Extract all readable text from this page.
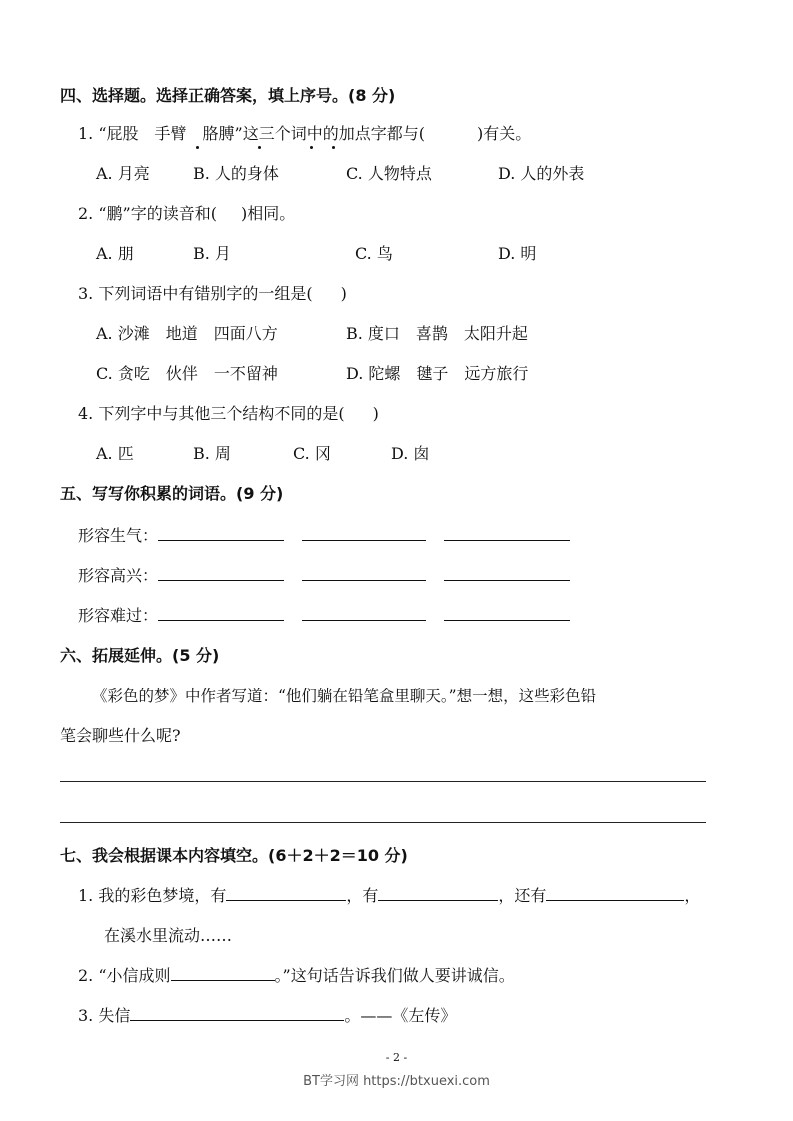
四、选择题。选择正确答案，填上序号。(8 分)
1. “屁股　手臂　胳膊”这三个词中的加点字都与(	)有关。
A. 月亮	B. 人的身体	C. 人物特点	D. 人的外表
2. “鹏”字的读音和( )相同。
A. 朋	B. 月	C. 鸟	D. 明
3. 下列词语中有错别字的一组是( )
A. 沙滩　地道　四面八方	B. 度口　喜鹊　太阳升起
C. 贪吃　伙伴　一不留神	D. 陀螺　毽子　远方旅行
4. 下列字中与其他三个结构不同的是( )
A. 匹	B. 周	C. 冈	D. 囱
五、写写你积累的词语。(9 分)
形容生气：
形容高兴：
形容难过：
六、拓展延伸。(5 分)
《彩色的梦》中作者写道：“他们躺在铅笔盒里聊天。”想一想，这些彩色铅
笔会聊些什么呢?
七、我会根据课本内容填空。(6＋2＋2＝10 分)
1. 我的彩色梦境，有	，有	，还有	，
在溪水里流动……
2. “小信成则	。”这句话告诉我们做人要讲诚信。
3. 失信	。——《左传》
- 2 -
BT学习网 https://btxuexi.com
